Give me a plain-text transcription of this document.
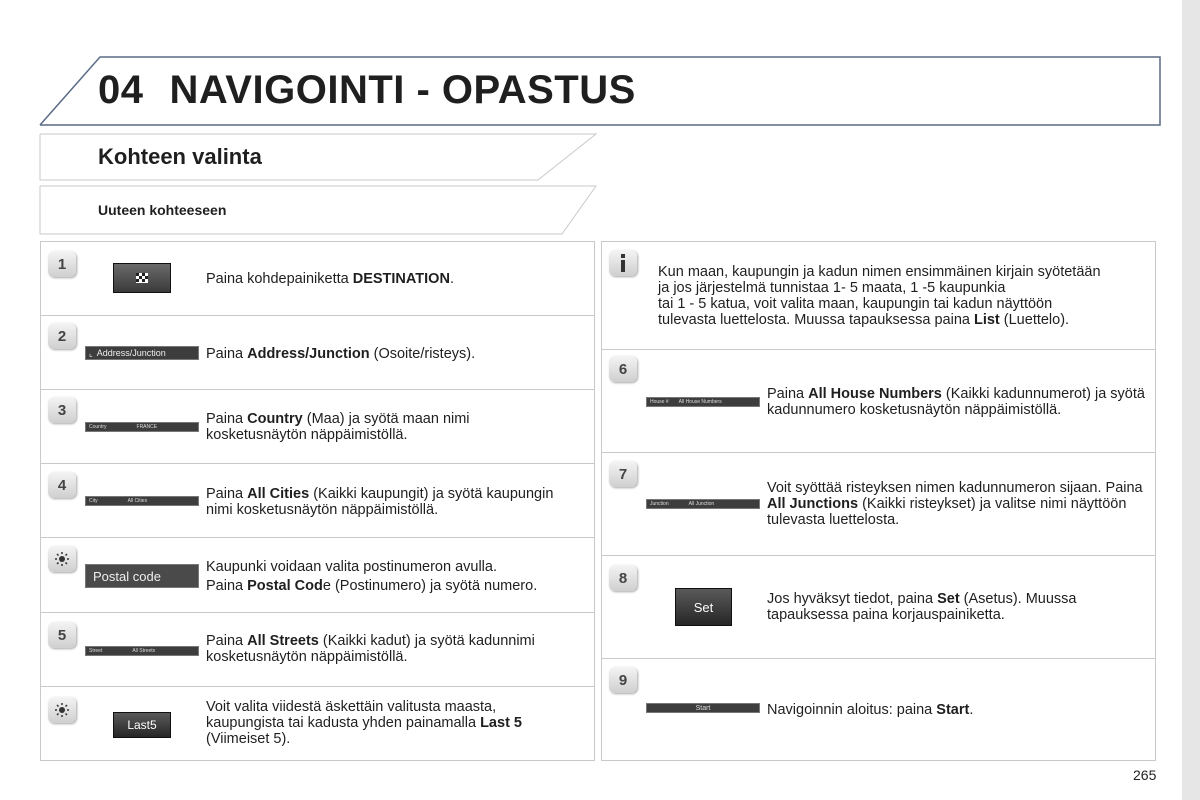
04 NAVIGOINTI - OPASTUS
Kohteen valinta
Uuteen kohteeseen
1
Paina kohdepainiketta DESTINATION.
2
⌞ Address/Junction	Paina Address/Junction (Osoite/risteys).
3
Country	FRANCE	Paina Country (Maa) ja syötä maan nimi kosketusnäytön näppäimistöllä.
4
City	All Cities	Paina All Cities (Kaikki kaupungit) ja syötä kaupungin nimi kosketusnäytön näppäimistöllä.
Postal code
Kaupunki voidaan valita postinumeron avulla.
Paina Postal Code (Postinumero) ja syötä numero.
5
Street	All Streets
Paina All Streets (Kaikki kadut) ja syötä kadunnimi kosketusnäytön näppäimistöllä.
Last5
Voit valita viidestä äskettäin valitusta maasta, kaupungista tai kadusta yhden painamalla Last 5 (Viimeiset 5).
Kun maan, kaupungin ja kadun nimen ensimmäinen kirjain syötetään
ja jos järjestelmä tunnistaa 1- 5 maata, 1 -5 kaupunkia
tai 1 - 5 katua, voit valita maan, kaupungin tai kadun näyttöön
tulevasta luettelosta. Muussa tapauksessa paina List (Luettelo).
6
House # All House Numbers	Paina All House Numbers (Kaikki kadunnumerot) ja syötä kadunnumero kosketusnäytön näppäimistöllä.
7
Junction	All Junction
Voit syöttää risteyksen nimen kadunnumeron sijaan. Paina All Junctions (Kaikki risteykset) ja valitse nimi näyttöön tulevasta luettelosta.
8
Set	Jos hyväksyt tiedot, paina Set (Asetus). Muussa tapauksessa paina korjauspainiketta.
9
Start	Navigoinnin aloitus: paina Start.
265
